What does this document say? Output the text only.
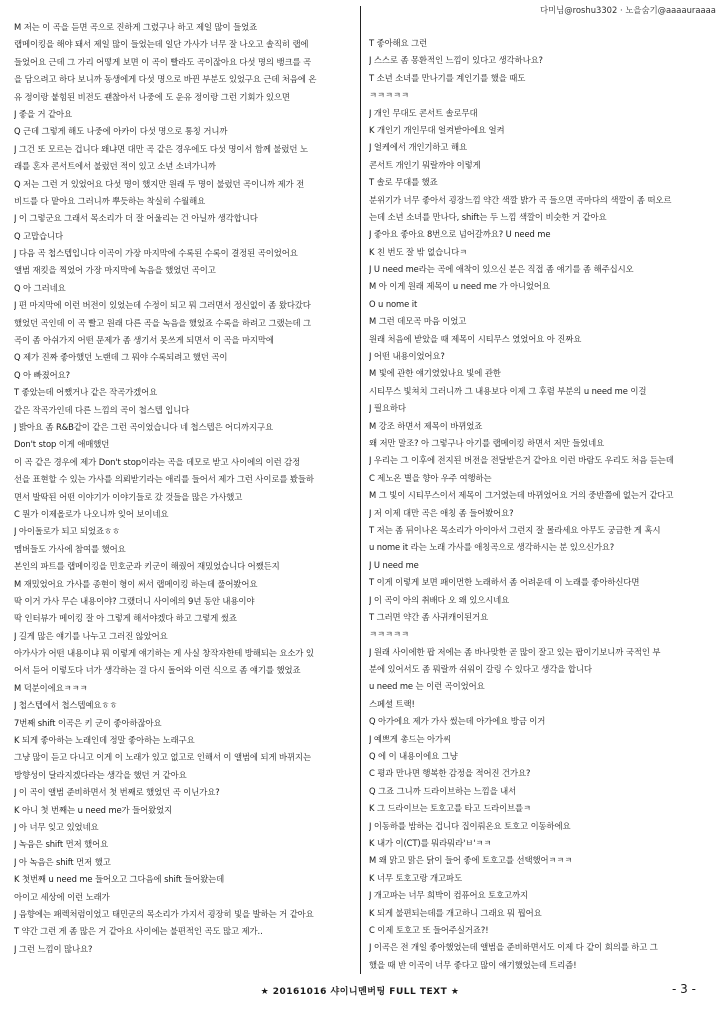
다미님@roshu3302 · 노을숨기@aaaauraaaa
M 저는 이 곡을 듣면 곡으로 진하게 그렸구나 하고 제일 많이 들었죠
랩메이킹을 해야 돼서 제일 많이 들었는데 일단 가사가 너무 잘 나오고 솔직히 랩에
들었어요 근데 그 가리 어떻게 보면 이 곡이 빨라도 곡이잖아요 다섯 명의 뱅크를 곡
을 담으려고 하다 보니까 동생에게 다섯 명으로 바뀐 부분도 있었구요 근데 처음에 온
유 정이랑 붙힘된 비전도 괜찮아서 나중에 도 운유 정이랑 그런 기회가 있으면
J 좋을 거 같아요
Q 근데 그렇게 해도 나중에 아카이 다섯 명으로 통칭 거니까
J 그건 또 모르는 겁니다 왜냐면 대만 곡 같은 경우에도 다섯 명이서 함께 불렀던 노
래를 혼자 콘서트에서 불렀던 적이 있고 소년 소녀가니까
Q 저는 그런 거 있었어요 다섯 명이 했지만 원래 두 명이 불렀던 곡이니까 제가 전
비드를 다 맡아요 그러니까 뿌듯하는 착실히 수월해요
J 이 그렇군요 그래서 목소리가 더 잘 어울리는 건 아닐까 생각합니다
Q 고맙습니다
J 다음 곡 첩스텝입니다 이곡이 가장 마지막에 수록된 수록이 결정된 곡이었어요
앨범 재킷을 찍었어 가장 마지막에 녹음을 했었던 곡이고
Q 아 그러네요
J 편 마지막에 이런 버전이 있었는데 수정이 되고 뭐 그러면서 정신없이 좀 왔다갔다
했었던 곡인데 이 곡 빨고 원래 다른 곡을 녹음을 했었죠 수록을 하려고 그랬는데 그
곡이 좀 아쉬가지 어떤 문제가 좀 생기서 못쓰게 되면서 이 곡을 마지막에
Q 제가 진짜 좋아했던 노랜데 그 뭐야 수록되려고 했던 곡이
Q 아 빠졌어요?
T 좋았는데 어쨌거나 같은 작곡가겠어요
같은 작곡가인데 다른 느낌의 곡이 첩스텝 입니다
J 밝아요 좀 R&B같이 같은 그런 곡이었습니다 네 첩스텝은 어디까지구요
Don't stop 이게 애매했던
이 곡 같은 경우에 제가 Don't stop이라는 곡을 데모로 받고 사이에의 이런 감정
선을 표현할 수 있는 가사를 의뢰받기라는 애리를 들어서 제가 그런 사이로를 봤들하
면서 발딱된 어떤 이야기가 이야기들로 갔 것들을 많은 가사했고
C 뭔가 이제올로가 나오니까 잊어 보이네요
J 아이돌로가 되고 되었죠ㅎㅎ
멤버들도 가사에 참여를 했어요
본인의 파트를 랩메이킹을 민호군과 키군이 해줬어 재밌었습니다 어쨌든지
M 재밌었어요 가사를 종현이 형이 써서 랩메이킹 하는데 풀어봤어요
딱 이거 가사 무슨 내용이야? 그랬더니 사이에의 9년 동안 내용이야
딱 인터뷰가 메이킹 잘 아 그렇게 해서야겠다 하고 그렇게 썼죠
J 길게 많은 얘기를 나누고 그러진 않았어요
아가사가 어떤 내용이냐 뭐 이렇게 얘기하는 게 사실 창작자한테 방해되는 요소가 있
어서 듣어 이렇도다 너가 생각하는 걸 다시 돌어와 이런 식으로 좀 얘기를 했었죠
M 덕분이에요ㅋㅋㅋ
J 첩스텝에서 첩스텝예요ㅎㅎ
7번째 shift 이곡은 키 군이 좋아하잖아요
K 되게 좋아하는 노래인데 정말 좋아하는 노래구요
그냥 많이 듣고 다니고 이게 이 노래가 있고 없고로 인해서 이 앨범에 되게 바뀌지는
방향성이 달라지겠다라는 생각을 했던 거 같아요
J 이 곡이 앨범 준비하면서 첫 번째로 했었던 곡 이닌가요?
K 아니 첫 번째는 u need me가 들어왔었지
J 아 너무 잊고 있었네요
J 녹음은 shift 먼저 했어요
J 아 녹음은 shift 먼저 했고
K 첫번째 u need me 들어오고 그다음에 shift 들어왔는데
아이고 세상에 이런 노래가
J 음향에는 패렉처럼이었고 태민군의 목소리가 가지서 굉장히 빛을 발하는 거 같아요
T 약간 그런 게 좀 많은 거 같아요 사이에는 불편적인 곡도 많고 제가..
J 그런 느낌이 많나요?
T 좋아해요 그런
J 스스로 좀 몽환적인 느낌이 있다고 생각하나요?
T 소년 소녀를 만나기를 계인기를 했을 때도
ㅋㅋㅋㅋㅋ
J 개인 무대도 콘서트 솔로무대
K 개인기 개인무대 얼켜받아에요 얼켜
J 얼케에서 개인기하고 해요
콘서트 개인기 뭐랄까야 이렇게
T 솔로 무대를 했죠
분위기가 너무 좋아서 굉장느낌 약간 색깔 밝가 곡 들으면 곡마다의 색깔이 좀 떠오르
는데 소년 소녀를 만나다, shift는 두 느낌 색깔이 비슷한 거 같아요
J 좋아요 좋아요 8번으로 넘어갈까요? U need me
K 친 번도 잘 밖 없습니다ㅋ
J U need me라는 곡에 애착이 있으신 분은 직접 좀 얘기를 좀 해주십시오
M 아 이게 원래 제목이 u need me 가 아니었어요
O u nome it
M 그런 데모곡 마음 이었고
원래 처음에 받았을 때 제목이 시티무스 였었어요 아 진짜요
J 어떤 내용이었어요?
M 빛에 관한 얘기였었나요 빛에 관한
시티무스 빛쳐치 그러니까 그 내용보다 이제 그 후렴 부분의 u need me 이걸
J 필요하다
M 강조 하면서 제목이 바뀌었죠
왜 저만 말조? 아 그렇구나 아기를 랩메이킹 하면서 저만 들었네요
J 우리는 그 이후에 전지된 버전을 전달받은거 같아요 이런 바람도 우리도 처음 듣는데
C 제노온 별을 향아 우주 여행하는
M 그 빛이 시티무스이서 제목이 그거였는데 바뀌었어요 거의 중반쯤에 없는거 같다고
J 저 이제 대만 곡은 애칭 좀 들어봤어요?
T 저는 좀 뒤이나온 목소리가 아이아서 그런지 잘 몰라세요 아무도 궁금한 게 혹시
u nome it 라는 노래 가사를 애칭곡으로 생각하시는 분 있으신가요?
J U need me
T 이게 이렇게 보면 패이먼한 노래하서 좀 어려운데 이 노래를 좋아하신다면
J 이 곡이 아의 취배다 오 왜 있으시네요
T 그러면 약간 좀 사귀캐이된거요
ㅋㅋㅋㅋㅋ
J 원래 사이에한 팝 저에는 좀 바나맞한 곧 많이 잘고 있는 팝이기보니까 국적인 부
분에 있어서도 좀 뭐랄까 쉬워이 갈링 수 있다고 생각을 합니다
u need me 는 이런 곡이었어요
스페셜 트랙!
Q 아가에요 제가 가사 썼는데 아가에요 방금 이거
J 예쁘게 총드는 아가씨
Q 에 이 내용이에요 그냥
C 평과 만나면 행복한 감정을 적어진 건가요?
Q 그죠 그니까 드라이브하는 느낌을 내서
K 그 드라이브는 토호고를 타고 드라이브를ㅋ
J 이동하를 밤하는 겁니다 집이뤄온요 토호고 이동하에요
K 내가 이(CT)를 뭐라뭐라'ㅂ'ㅋㅋ
M 왜 맑고 맑은 닭이 들어 좋에 토호고를 선택했어ㅋㅋㅋ
K 너무 토호고랑 개고파도
J 개고파는 너무 희박이 컴퓨어요 토호고까지
K 되게 불편되는데를 개고하니 그래요 뭐 뭡어요
C 이제 토호고 또 들어주실거죠?!
J 이곡은 전 개일 좋아했었는데 앨범을 준비하면서도 이제 다 같이 회의를 하고 그
했을 때 반 이곡이 너무 좋다고 많이 얘기했었는데 트리즘!
★ 20161016 샤이니멘버팅 FULL TEXT ★	- 3 -
